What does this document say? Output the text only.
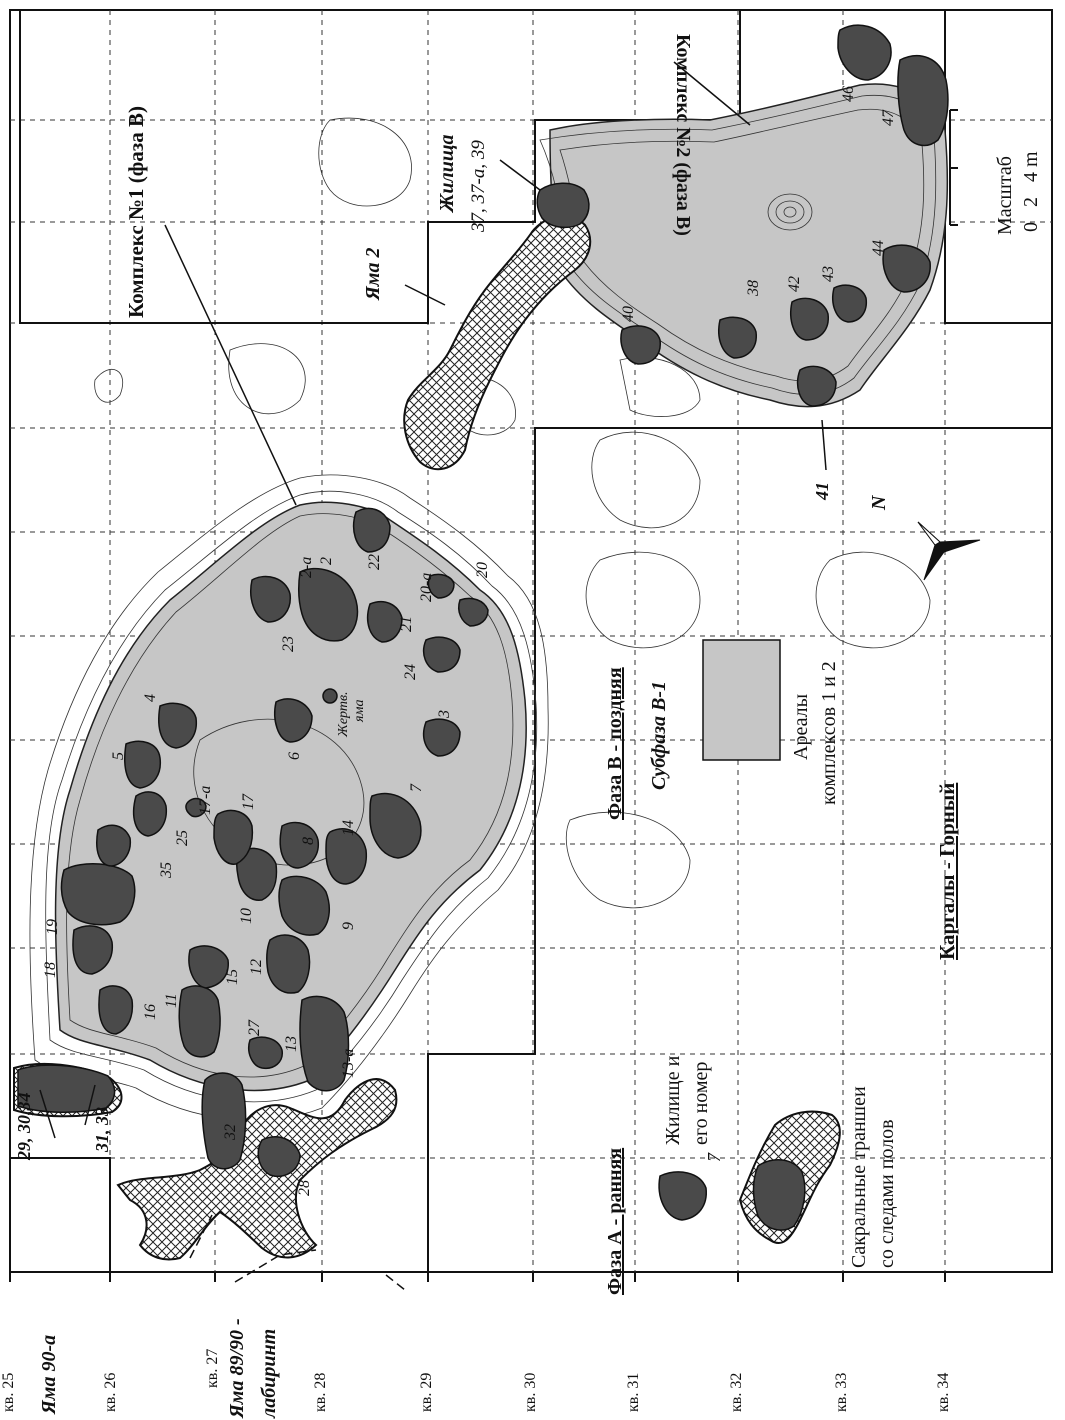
кв. 25	кв. 26
кв. 27
кв. 28	кв. 29	кв. 30	кв. 31	кв. 32	кв. 33	кв. 34
Яма 90-а	Яма 89/90 - лабиринт
Яма 2
Комплекс №1 (фаза В)	Комплекс №2 (фаза В)
Жилища 37, 37-а, 39
29, 30,34	31, 33
18
19
16
11
15
12
27
13
13-а
32
28
10
9
35
25
17-а 17
8
14
5
4
6
7
3
23
24
21
20-а
20
22
2-а 2
Жертв. яма
40
38 42
43
44
46
47
41
Фаза А - ранняя
Жилище и его номер
7	Сакральные траншеи со следами полов
Фаза В - поздняя Субфаза В-1	Ареалы комплексов 1 и 2
Каргалы - Горный
Масштаб 0   2   4 m
N
